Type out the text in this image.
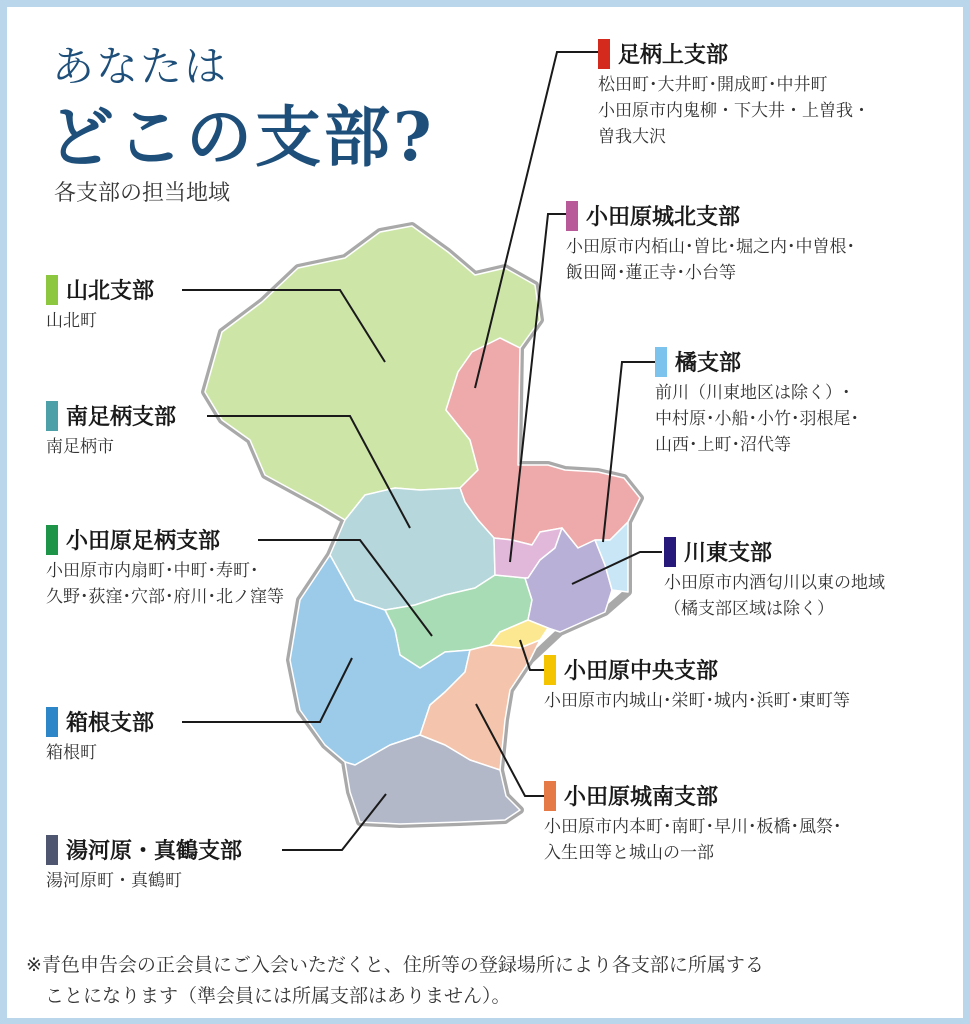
あなたは
どこの支部?
各支部の担当地域
足柄上支部
松田町･大井町･開成町･中井町
小田原市内鬼柳・下大井・上曽我・
曽我大沢
小田原城北支部
小田原市内栢山･曽比･堀之内･中曽根･
飯田岡･蓮正寺･小台等
山北支部
山北町
橘支部
前川（川東地区は除く）･
中村原･小船･小竹･羽根尾･
山西･上町･沼代等
南足柄支部
南足柄市
小田原足柄支部
小田原市内扇町･中町･寿町･
久野･荻窪･穴部･府川･北ノ窪等
川東支部
小田原市内酒匂川以東の地域
（橘支部区域は除く）
小田原中央支部
小田原市内城山･栄町･城内･浜町･東町等
箱根支部
箱根町
小田原城南支部
小田原市内本町･南町･早川･板橋･風祭･
入生田等と城山の一部
湯河原・真鶴支部
湯河原町・真鶴町
※青色申告会の正会員にご入会いただくと、住所等の登録場所により各支部に所属する
　ことになります（準会員には所属支部はありません）。
